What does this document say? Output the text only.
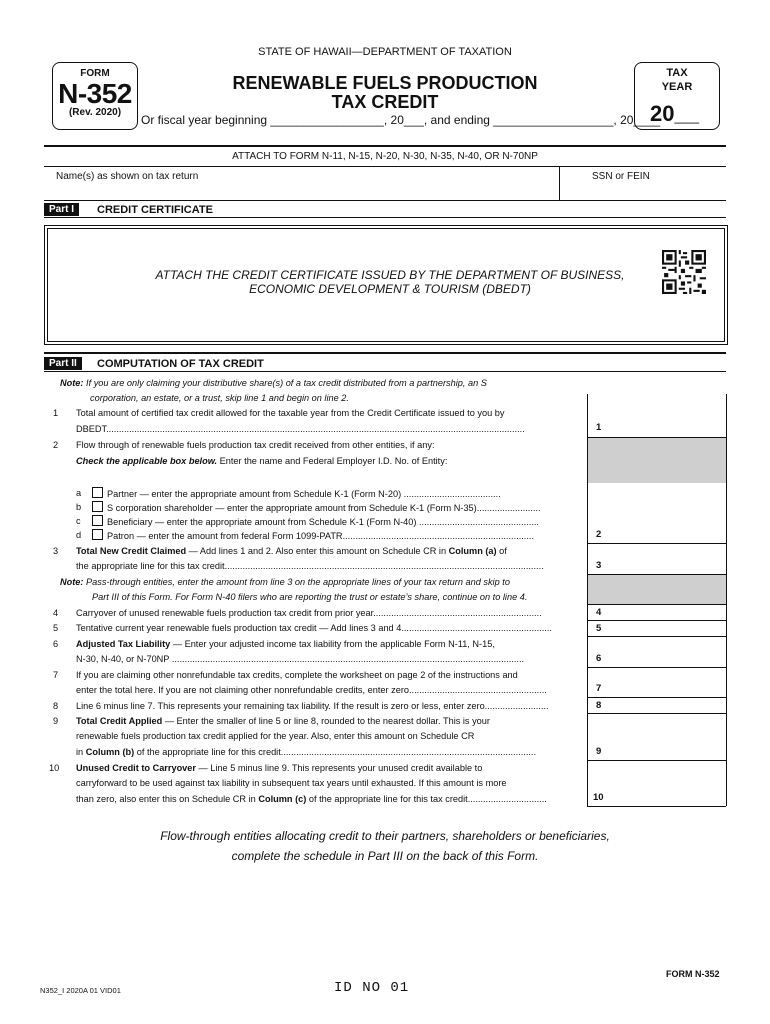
STATE OF HAWAII—DEPARTMENT OF TAXATION
FORM
N-352
(Rev. 2020)
RENEWABLE FUELS PRODUCTION
TAX CREDIT
Or fiscal year beginning _________________, 20___, and ending __________________, 20____
TAX
YEAR
20__
ATTACH TO FORM N-11, N-15, N-20, N-30, N-35, N-40, OR N-70NP
Name(s) as shown on tax return	SSN or FEIN
Part I	CREDIT CERTIFICATE
ATTACH THE CREDIT CERTIFICATE ISSUED BY THE DEPARTMENT OF BUSINESS,
ECONOMIC DEVELOPMENT & TOURISM (DBEDT)
Part II	COMPUTATION OF TAX CREDIT
1
2
3
4
5
6
7
8
9
10
Note: If you are only claiming your distributive share(s) of a tax credit distributed from a partnership, an S
corporation, an estate, or a trust, skip line 1 and begin on line 2.
1 Total amount of certified tax credit allowed for the taxable year from the Credit Certificate issued to you by
DBEDT....................................................................................................................................................................
2 Flow through of renewable fuels production tax credit received from other entities, if any:
Check the applicable box below. Enter the name and Federal Employer I.D. No. of Entity:
a	Partner — enter the appropriate amount from Schedule K-1 (Form N-20) ......................................
b	S corporation shareholder — enter the appropriate amount from Schedule K-1 (Form N-35).........................
c	Beneficiary — enter the appropriate amount from Schedule K-1 (Form N-40) ...............................................
d	Patron — enter the amount from federal Form 1099-PATR...........................................................................
3 Total New Credit Claimed — Add lines 1 and 2. Also enter this amount on Schedule CR in Column (a) of
the appropriate line for this tax credit.............................................................................................................................
Note: Pass-through entities, enter the amount from line 3 on the appropriate lines of your tax return and skip to
Part III of this Form. For Form N-40 filers who are reporting the trust or estate’s share, continue on to line 4.
4 Carryover of unused renewable fuels production tax credit from prior year..................................................................
5 Tentative current year renewable fuels production tax credit — Add lines 3 and 4...........................................................
6 Adjusted Tax Liability — Enter your adjusted income tax liability from the applicable Form N-11, N-15,
N-30, N-40, or N-70NP ..........................................................................................................................................
7 If you are claiming other nonrefundable tax credits, complete the worksheet on page 2 of the instructions and
enter the total here. If you are not claiming other nonrefundable credits, enter zero......................................................
8 Line 6 minus line 7. This represents your remaining tax liability. If the result is zero or less, enter zero.........................
9 Total Credit Applied — Enter the smaller of line 5 or line 8, rounded to the nearest dollar. This is your
renewable fuels production tax credit applied for the year. Also, enter this amount on Schedule CR
in Column (b) of the appropriate line for this credit....................................................................................................
10 Unused Credit to Carryover — Line 5 minus line 9. This represents your unused credit available to
carryforward to be used against tax liability in subsequent tax years until exhausted. If this amount is more
than zero, also enter this on Schedule CR in Column (c) of the appropriate line for this tax credit...............................
Flow-through entities allocating credit to their partners, shareholders or beneficiaries,
complete the schedule in Part III on the back of this Form.
FORM N-352
N352_I 2020A 01 VID01	ID NO 01
